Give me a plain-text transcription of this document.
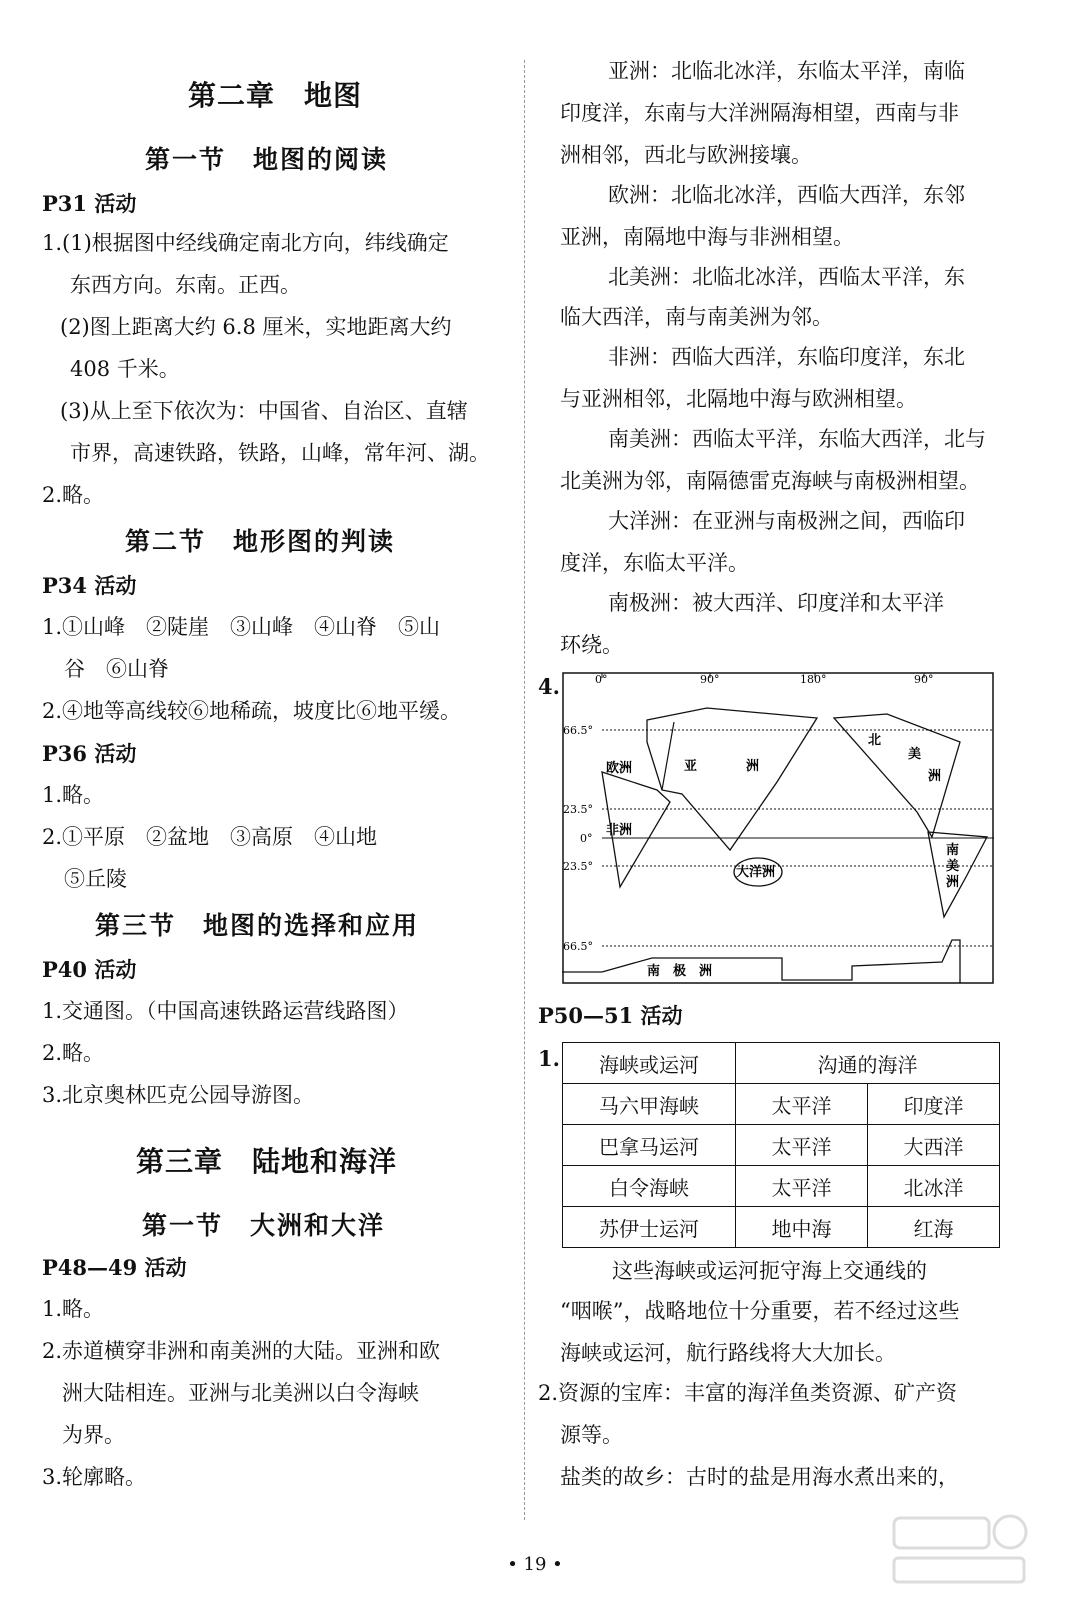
第二章　地图
第一节　地图的阅读
P31 活动
1.(1)根据图中经线确定南北方向，纬线确定
东西方向。东南。正西。
(2)图上距离大约 6.8 厘米，实地距离大约
408 千米。
(3)从上至下依次为：中国省、自治区、直辖
市界，高速铁路，铁路，山峰，常年河、湖。
2.略。
第二节　地形图的判读
P34 活动
1.①山峰　②陡崖　③山峰　④山脊　⑤山
谷　⑥山脊
2.④地等高线较⑥地稀疏，坡度比⑥地平缓。
P36 活动
1.略。
2.①平原　②盆地　③高原　④山地
⑤丘陵
第三节　地图的选择和应用
P40 活动
1.交通图。（中国高速铁路运营线路图）
2.略。
3.北京奥林匹克公园导游图。
第三章　陆地和海洋
第一节　大洲和大洋
P48—49 活动
1.略。
2.赤道横穿非洲和南美洲的大陆。亚洲和欧
洲大陆相连。亚洲与北美洲以白令海峡
为界。
3.轮廓略。
亚洲：北临北冰洋，东临太平洋，南临
印度洋，东南与大洋洲隔海相望，西南与非
洲相邻，西北与欧洲接壤。
欧洲：北临北冰洋，西临大西洋，东邻
亚洲，南隔地中海与非洲相望。
北美洲：北临北冰洋，西临太平洋，东
临大西洋，南与南美洲为邻。
非洲：西临大西洋，东临印度洋，东北
与亚洲相邻，北隔地中海与欧洲相望。
南美洲：西临太平洋，东临大西洋，北与
北美洲为邻，南隔德雷克海峡与南极洲相望。
大洋洲：在亚洲与南极洲之间，西临印
度洋，东临太平洋。
南极洲：被大西洋、印度洋和太平洋
环绕。
4.	0°	90°	180°	90°
66.5°
23.5°
0°
23.5°
66.5°
欧洲	亚	洲
北
美
洲
非洲
大洋洲
南
美
洲
南　极　洲
P50—51 活动
1. 海峡或运河	沟通的海洋	
马六甲海峡	太平洋	印度洋
巴拿马运河	太平洋	大西洋
白令海峡	太平洋	北冰洋
苏伊士运河	地中海	红海
这些海峡或运河扼守海上交通线的
“咽喉”，战略地位十分重要，若不经过这些
海峡或运河，航行路线将大大加长。
2.资源的宝库：丰富的海洋鱼类资源、矿产资
源等。
盐类的故乡：古时的盐是用海水煮出来的，
• 19 •
